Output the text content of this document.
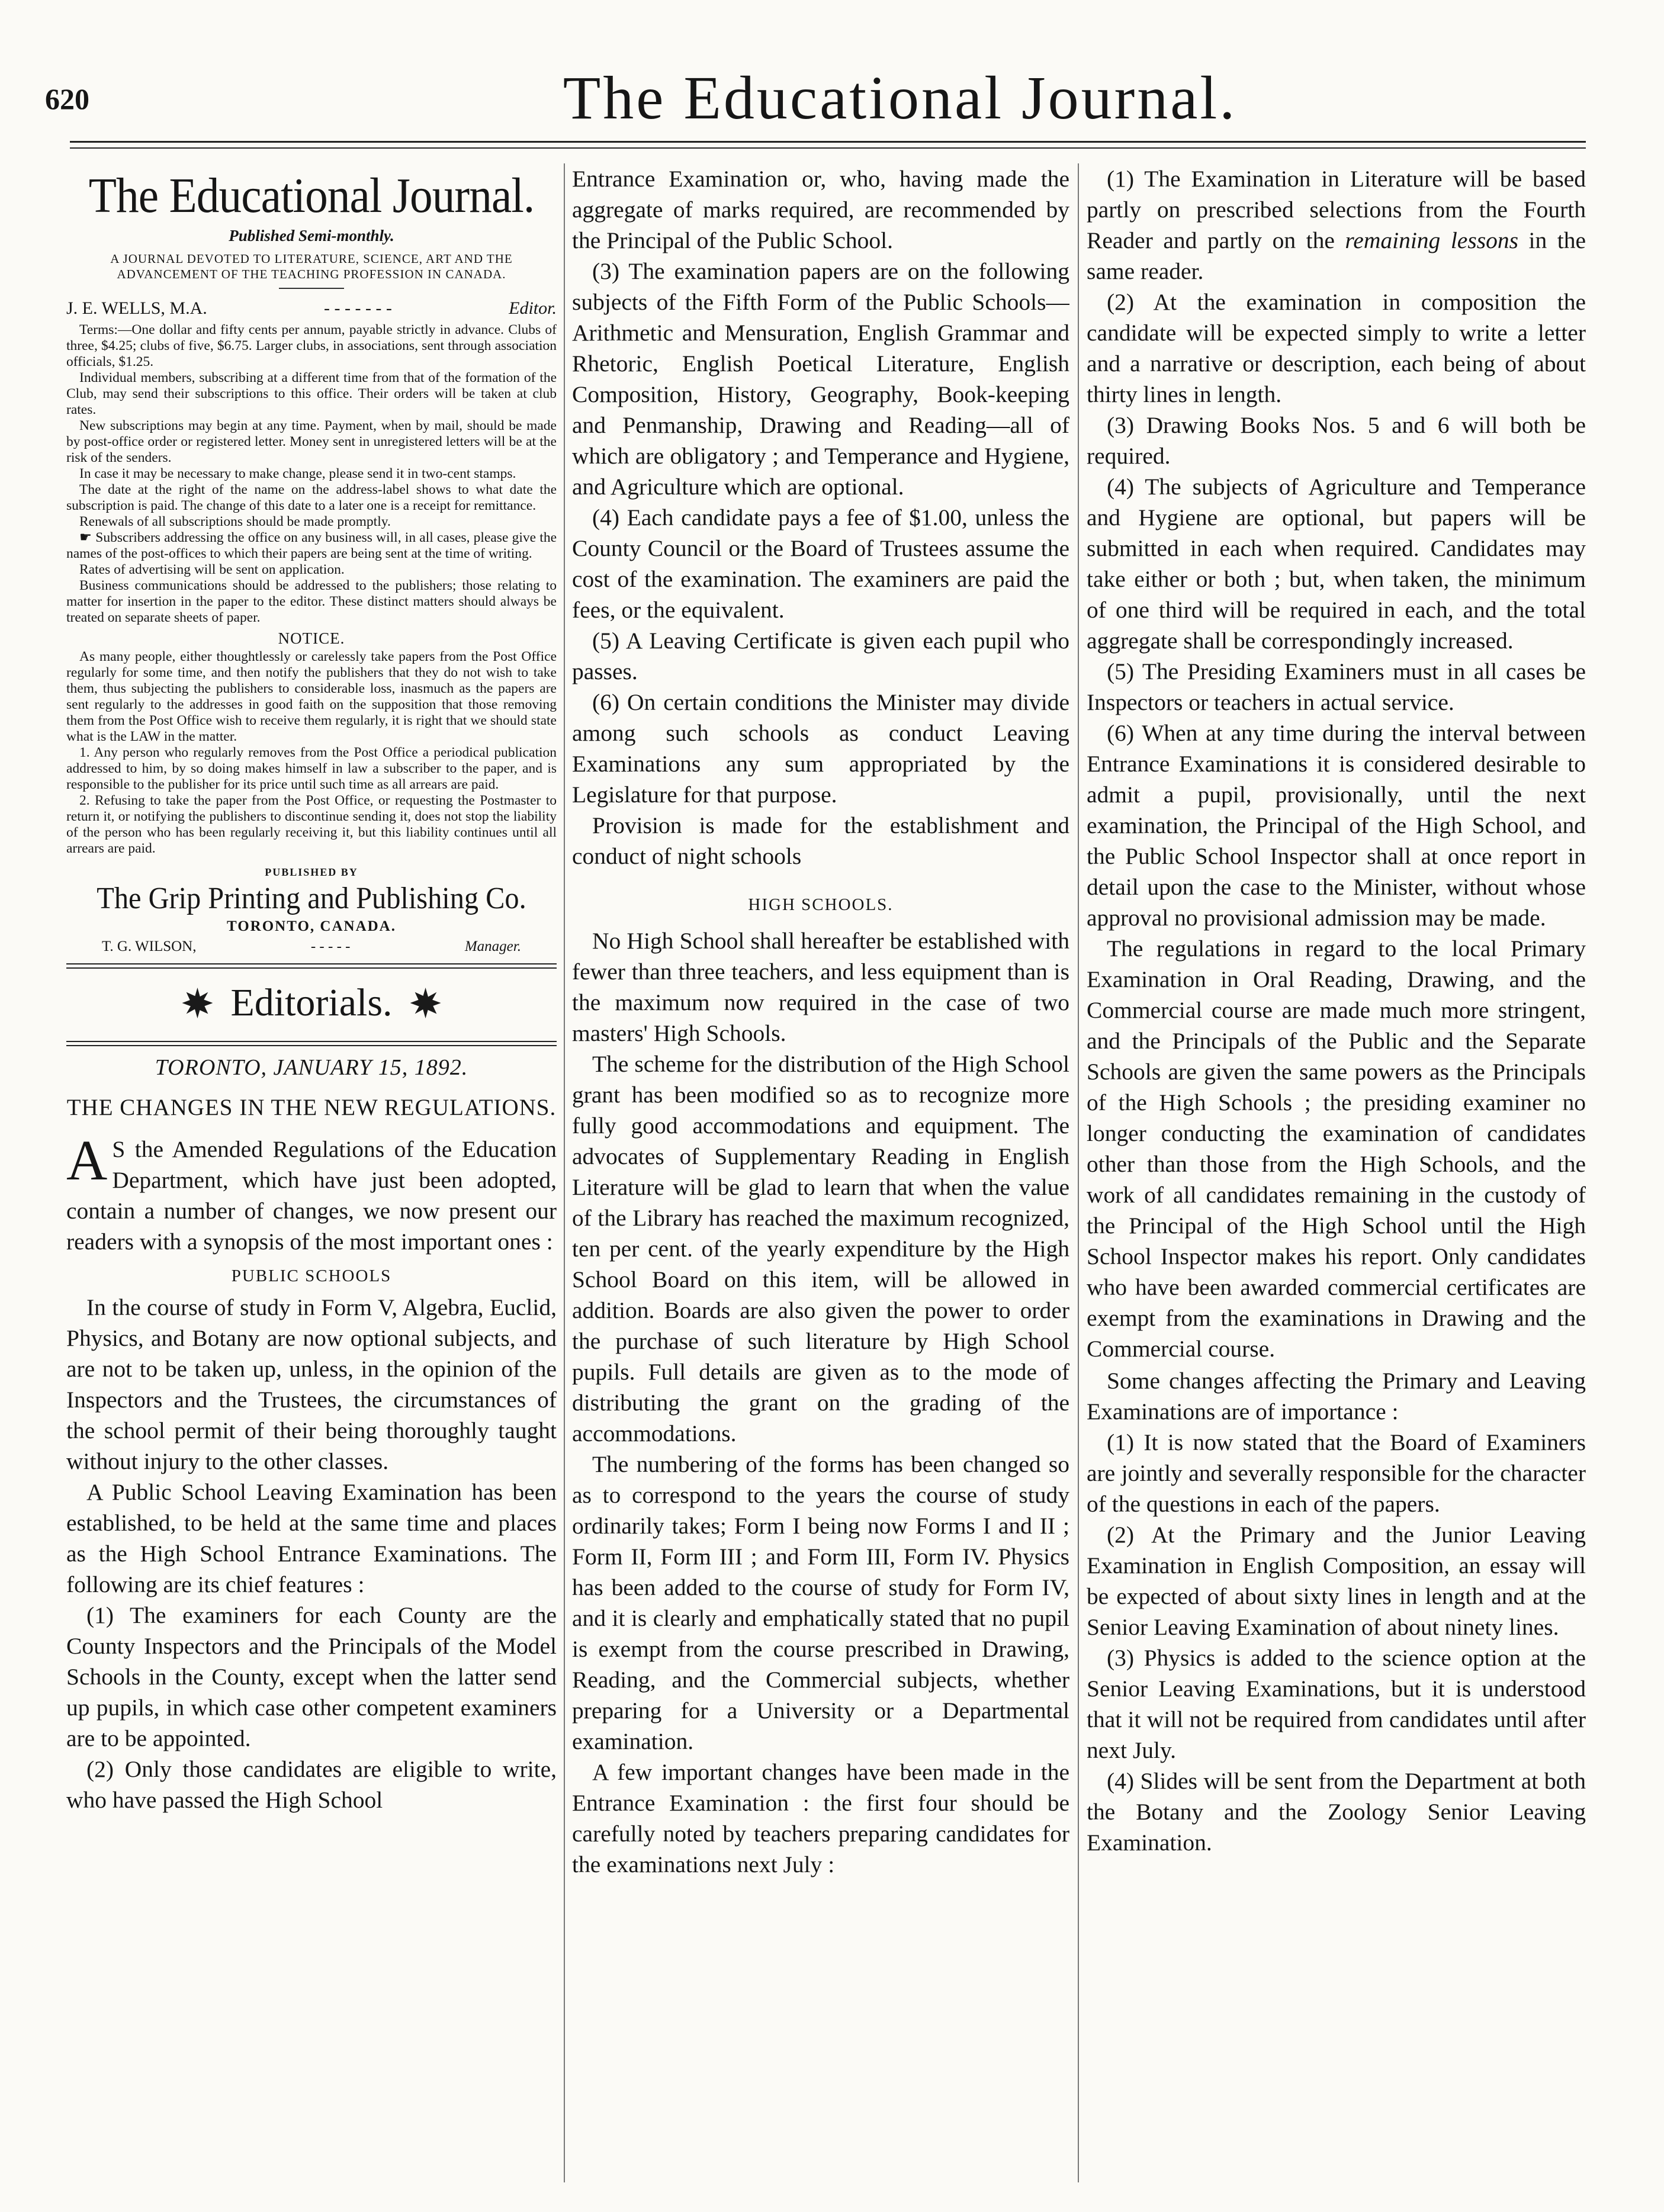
620	The Educational Journal.
The Educational Journal.
Published Semi-monthly.
A JOURNAL DEVOTED TO LITERATURE, SCIENCE, ART AND THE ADVANCEMENT OF THE TEACHING PROFESSION IN CANADA.
J. E. WELLS, M.A.	- - - - - - -	Editor.

Terms:—One dollar and fifty cents per annum, payable strictly in advance. Clubs of three, $4.25; clubs of five, $6.75. Larger clubs, in associations, sent through association officials, $1.25.

Individual members, subscribing at a different time from that of the formation of the Club, may send their subscriptions to this office. Their orders will be taken at club rates.

New subscriptions may begin at any time. Payment, when by mail, should be made by post-office order or registered letter. Money sent in unregistered letters will be at the risk of the senders.

In case it may be necessary to make change, please send it in two-cent stamps.

The date at the right of the name on the address-label shows to what date the subscription is paid. The change of this date to a later one is a receipt for remittance.

Renewals of all subscriptions should be made promptly.

☛ Subscribers addressing the office on any business will, in all cases, please give the names of the post-offices to which their papers are being sent at the time of writing.

Rates of advertising will be sent on application.

Business communications should be addressed to the publishers; those relating to matter for insertion in the paper to the editor. These distinct matters should always be treated on separate sheets of paper.

NOTICE.

As many people, either thoughtlessly or carelessly take papers from the Post Office regularly for some time, and then notify the publishers that they do not wish to take them, thus subjecting the publishers to considerable loss, inasmuch as the papers are sent regularly to the addresses in good faith on the supposition that those removing them from the Post Office wish to receive them regularly, it is right that we should state what is the LAW in the matter.

1. Any person who regularly removes from the Post Office a periodical publication addressed to him, by so doing makes himself in law a subscriber to the paper, and is responsible to the publisher for its price until such time as all arrears are paid.

2. Refusing to take the paper from the Post Office, or requesting the Postmaster to return it, or notifying the publishers to discontinue sending it, does not stop the liability of the person who has been regularly receiving it, but this liability continues until all arrears are paid.

PUBLISHED BY
The Grip Printing and Publishing Co.
TORONTO, CANADA.
T. G. WILSON,	- - - - -	Manager.
Editorials.
TORONTO, JANUARY 15, 1892.
THE CHANGES IN THE NEW REGULATIONS.

A S the Amended Regulations of the Education Department, which have just been adopted, contain a number of changes, we now present our readers with a synopsis of the most important ones :

PUBLIC SCHOOLS

In the course of study in Form V, Algebra, Euclid, Physics, and Botany are now optional subjects, and are not to be taken up, unless, in the opinion of the Inspectors and the Trustees, the circumstances of the school permit of their being thoroughly taught without injury to the other classes.

A Public School Leaving Examination has been established, to be held at the same time and places as the High School Entrance Examinations. The following are its chief features :

(1) The examiners for each County are the County Inspectors and the Principals of the Model Schools in the County, except when the latter send up pupils, in which case other competent examiners are to be appointed.

(2) Only those candidates are eligible to write, who have passed the High School

Entrance Examination or, who, having made the aggregate of marks required, are recommended by the Principal of the Public School.

(3) The examination papers are on the following subjects of the Fifth Form of the Public Schools—Arithmetic and Mensuration, English Grammar and Rhetoric, English Poetical Literature, English Composition, History, Geography, Book-keeping and Penmanship, Drawing and Reading—all of which are obligatory ; and Temperance and Hygiene, and Agriculture which are optional.

(4) Each candidate pays a fee of $1.00, unless the County Council or the Board of Trustees assume the cost of the examination. The examiners are paid the fees, or the equivalent.

(5) A Leaving Certificate is given each pupil who passes.

(6) On certain conditions the Minister may divide among such schools as conduct Leaving Examinations any sum appropriated by the Legislature for that purpose.

Provision is made for the establishment and conduct of night schools

HIGH SCHOOLS.

No High School shall hereafter be established with fewer than three teachers, and less equipment than is the maximum now required in the case of two masters' High Schools.

The scheme for the distribution of the High School grant has been modified so as to recognize more fully good accommodations and equipment. The advocates of Supplementary Reading in English Literature will be glad to learn that when the value of the Library has reached the maximum recognized, ten per cent. of the yearly expenditure by the High School Board on this item, will be allowed in addition. Boards are also given the power to order the purchase of such literature by High School pupils. Full details are given as to the mode of distributing the grant on the grading of the accommodations.

The numbering of the forms has been changed so as to correspond to the years the course of study ordinarily takes; Form I being now Forms I and II ; Form II, Form III ; and Form III, Form IV. Physics has been added to the course of study for Form IV, and it is clearly and emphatically stated that no pupil is exempt from the course prescribed in Drawing, Reading, and the Commercial subjects, whether preparing for a University or a Departmental examination.

A few important changes have been made in the Entrance Examination : the first four should be carefully noted by teachers preparing candidates for the examinations next July :

(1) The Examination in Literature will be based partly on prescribed selections from the Fourth Reader and partly on the remaining lessons in the same reader.

(2) At the examination in composition the candidate will be expected simply to write a letter and a narrative or description, each being of about thirty lines in length.

(3) Drawing Books Nos. 5 and 6 will both be required.

(4) The subjects of Agriculture and Temperance and Hygiene are optional, but papers will be submitted in each when required. Candidates may take either or both ; but, when taken, the minimum of one third will be required in each, and the total aggregate shall be correspondingly increased.

(5) The Presiding Examiners must in all cases be Inspectors or teachers in actual service.

(6) When at any time during the interval between Entrance Examinations it is considered desirable to admit a pupil, provisionally, until the next examination, the Principal of the High School, and the Public School Inspector shall at once report in detail upon the case to the Minister, without whose approval no provisional admission may be made.

The regulations in regard to the local Primary Examination in Oral Reading, Drawing, and the Commercial course are made much more stringent, and the Principals of the Public and the Separate Schools are given the same powers as the Principals of the High Schools ; the presiding examiner no longer conducting the examination of candidates other than those from the High Schools, and the work of all candidates remaining in the custody of the Principal of the High School until the High School Inspector makes his report. Only candidates who have been awarded commercial certificates are exempt from the examinations in Drawing and the Commercial course.

Some changes affecting the Primary and Leaving Examinations are of importance :

(1) It is now stated that the Board of Examiners are jointly and severally responsible for the character of the questions in each of the papers.

(2) At the Primary and the Junior Leaving Examination in English Composition, an essay will be expected of about sixty lines in length and at the Senior Leaving Examination of about ninety lines.

(3) Physics is added to the science option at the Senior Leaving Examinations, but it is understood that it will not be required from candidates until after next July.

(4) Slides will be sent from the Department at both the Botany and the Zoology Senior Leaving Examination.
